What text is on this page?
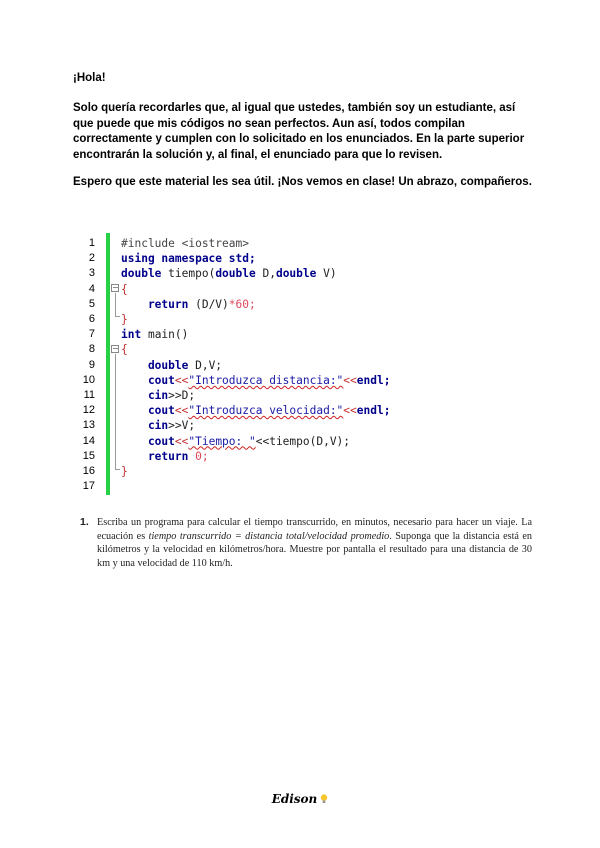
¡Hola!
Solo quería recordarles que, al igual que ustedes, también soy un estudiante, así que puede que mis códigos no sean perfectos. Aun así, todos compilan correctamente y cumplen con lo solicitado en los enunciados. En la parte superior encontrarán la solución y, al final, el enunciado para que lo revisen.
Espero que este material les sea útil. ¡Nos vemos en clase! Un abrazo, compañeros.
1 #include <iostream>
2 using namespace std;
3 double tiempo(double D,double V)
4 {
5 return (D/V)*60;
6 }
7 int main()
8 {
9 double D,V;
10 cout<<"Introduzca distancia:"<<endl;
11 cin>>D;
12 cout<<"Introduzca velocidad:"<<endl;
13 cin>>V;
14 cout<<"Tiempo: "<<tiempo(D,V);
15 return 0;
16 }
17
−
−
1. Escriba un programa para calcular el tiempo transcurrido, en minutos, necesario para hacer un viaje. La ecuación es tiempo transcurrido = distancia total/velocidad promedio. Suponga que la distancia está en kilómetros y la velocidad en kilómetros/hora. Muestre por pantalla el resultado para una distancia de 30 km y una velocidad de 110 km/h.
Edison
